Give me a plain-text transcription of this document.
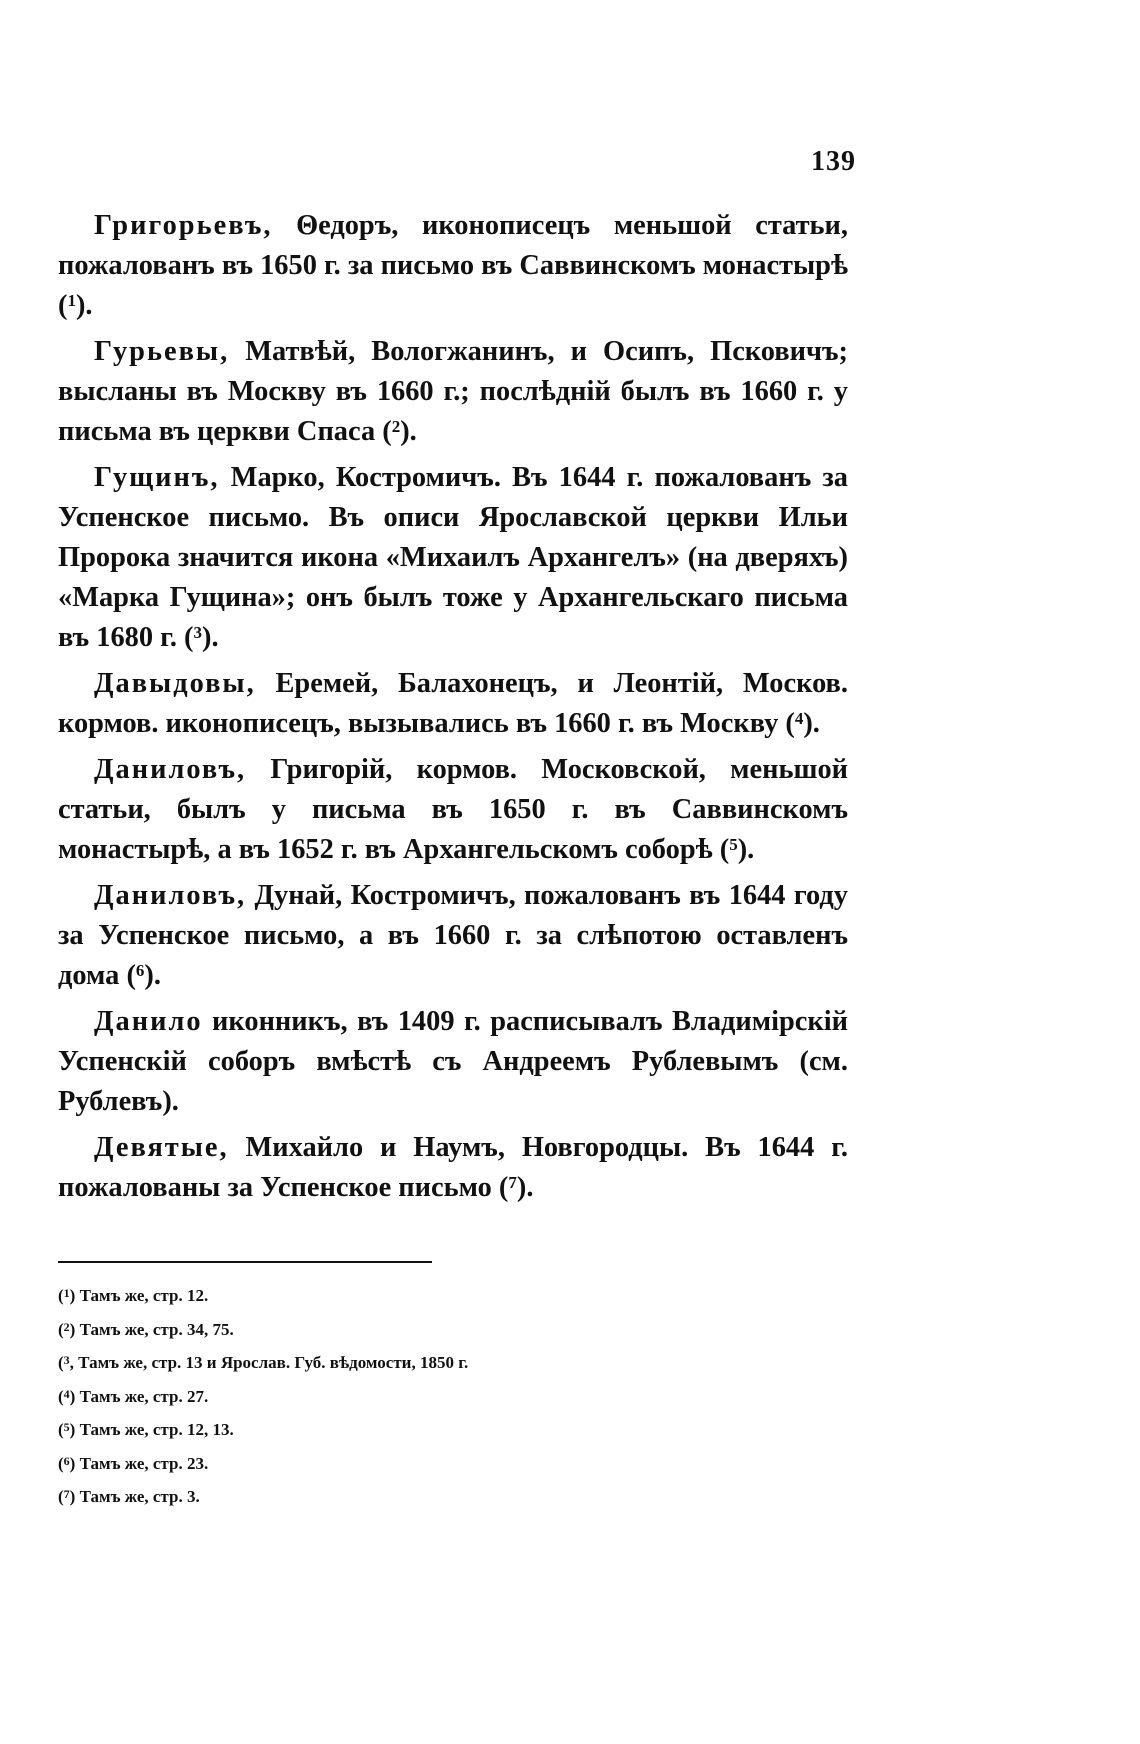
139

Григорьевъ, Θедоръ, иконописецъ меньшой статьи, пожалованъ въ 1650 г. за письмо въ Саввинскомъ монастырѣ ($^1$).

Гурьевы, Матвѣй, Вологжанинъ, и Осипъ, Псковичъ; высланы въ Москву въ 1660 г.; послѣднiй былъ въ 1660 г. у письма въ церкви Спаса ($^2$).

Гущинъ, Марко, Костромичъ. Въ 1644 г. пожалованъ за Успенское письмо. Въ описи Ярославской церкви Ильи Пророка значится икона «Михаилъ Архангелъ» (на дверяхъ) «Марка Гущина»; онъ былъ тоже у Архангельскаго письма въ 1680 г. ($^3$).

Давыдовы, Еремей, Балахонецъ, и Леонтiй, Москов. кормов. иконописецъ, вызывались въ 1660 г. въ Москву ($^4$).

Даниловъ, Григорiй, кормов. Московской, меньшой статьи, былъ у письма въ 1650 г. въ Саввинскомъ монастырѣ, а въ 1652 г. въ Архангельскомъ соборѣ ($^5$).

Даниловъ, Дунай, Костромичъ, пожалованъ въ 1644 году за Успенское письмо, а въ 1660 г. за слѣпотою оставленъ дома ($^6$).

Данило иконникъ, въ 1409 г. расписывалъ Владимiрскiй Успенскiй соборъ вмѣстѣ съ Андреемъ Рублевымъ (см. Рублевъ).

Девятые, Михайло и Наумъ, Новгородцы. Въ 1644 г. пожалованы за Успенское письмо ($^7$).

($^1$) Тамъ же, стр. 12.
($^2$) Тамъ же, стр. 34, 75.
($^3$, Тамъ же, стр. 13 и Ярослав. Губ. вѣдомости, 1850 г.
($^4$) Тамъ же, стр. 27.
($^5$) Тамъ же, стр. 12, 13.
($^6$) Тамъ же, стр. 23.
($^7$) Тамъ же, стр. 3.
